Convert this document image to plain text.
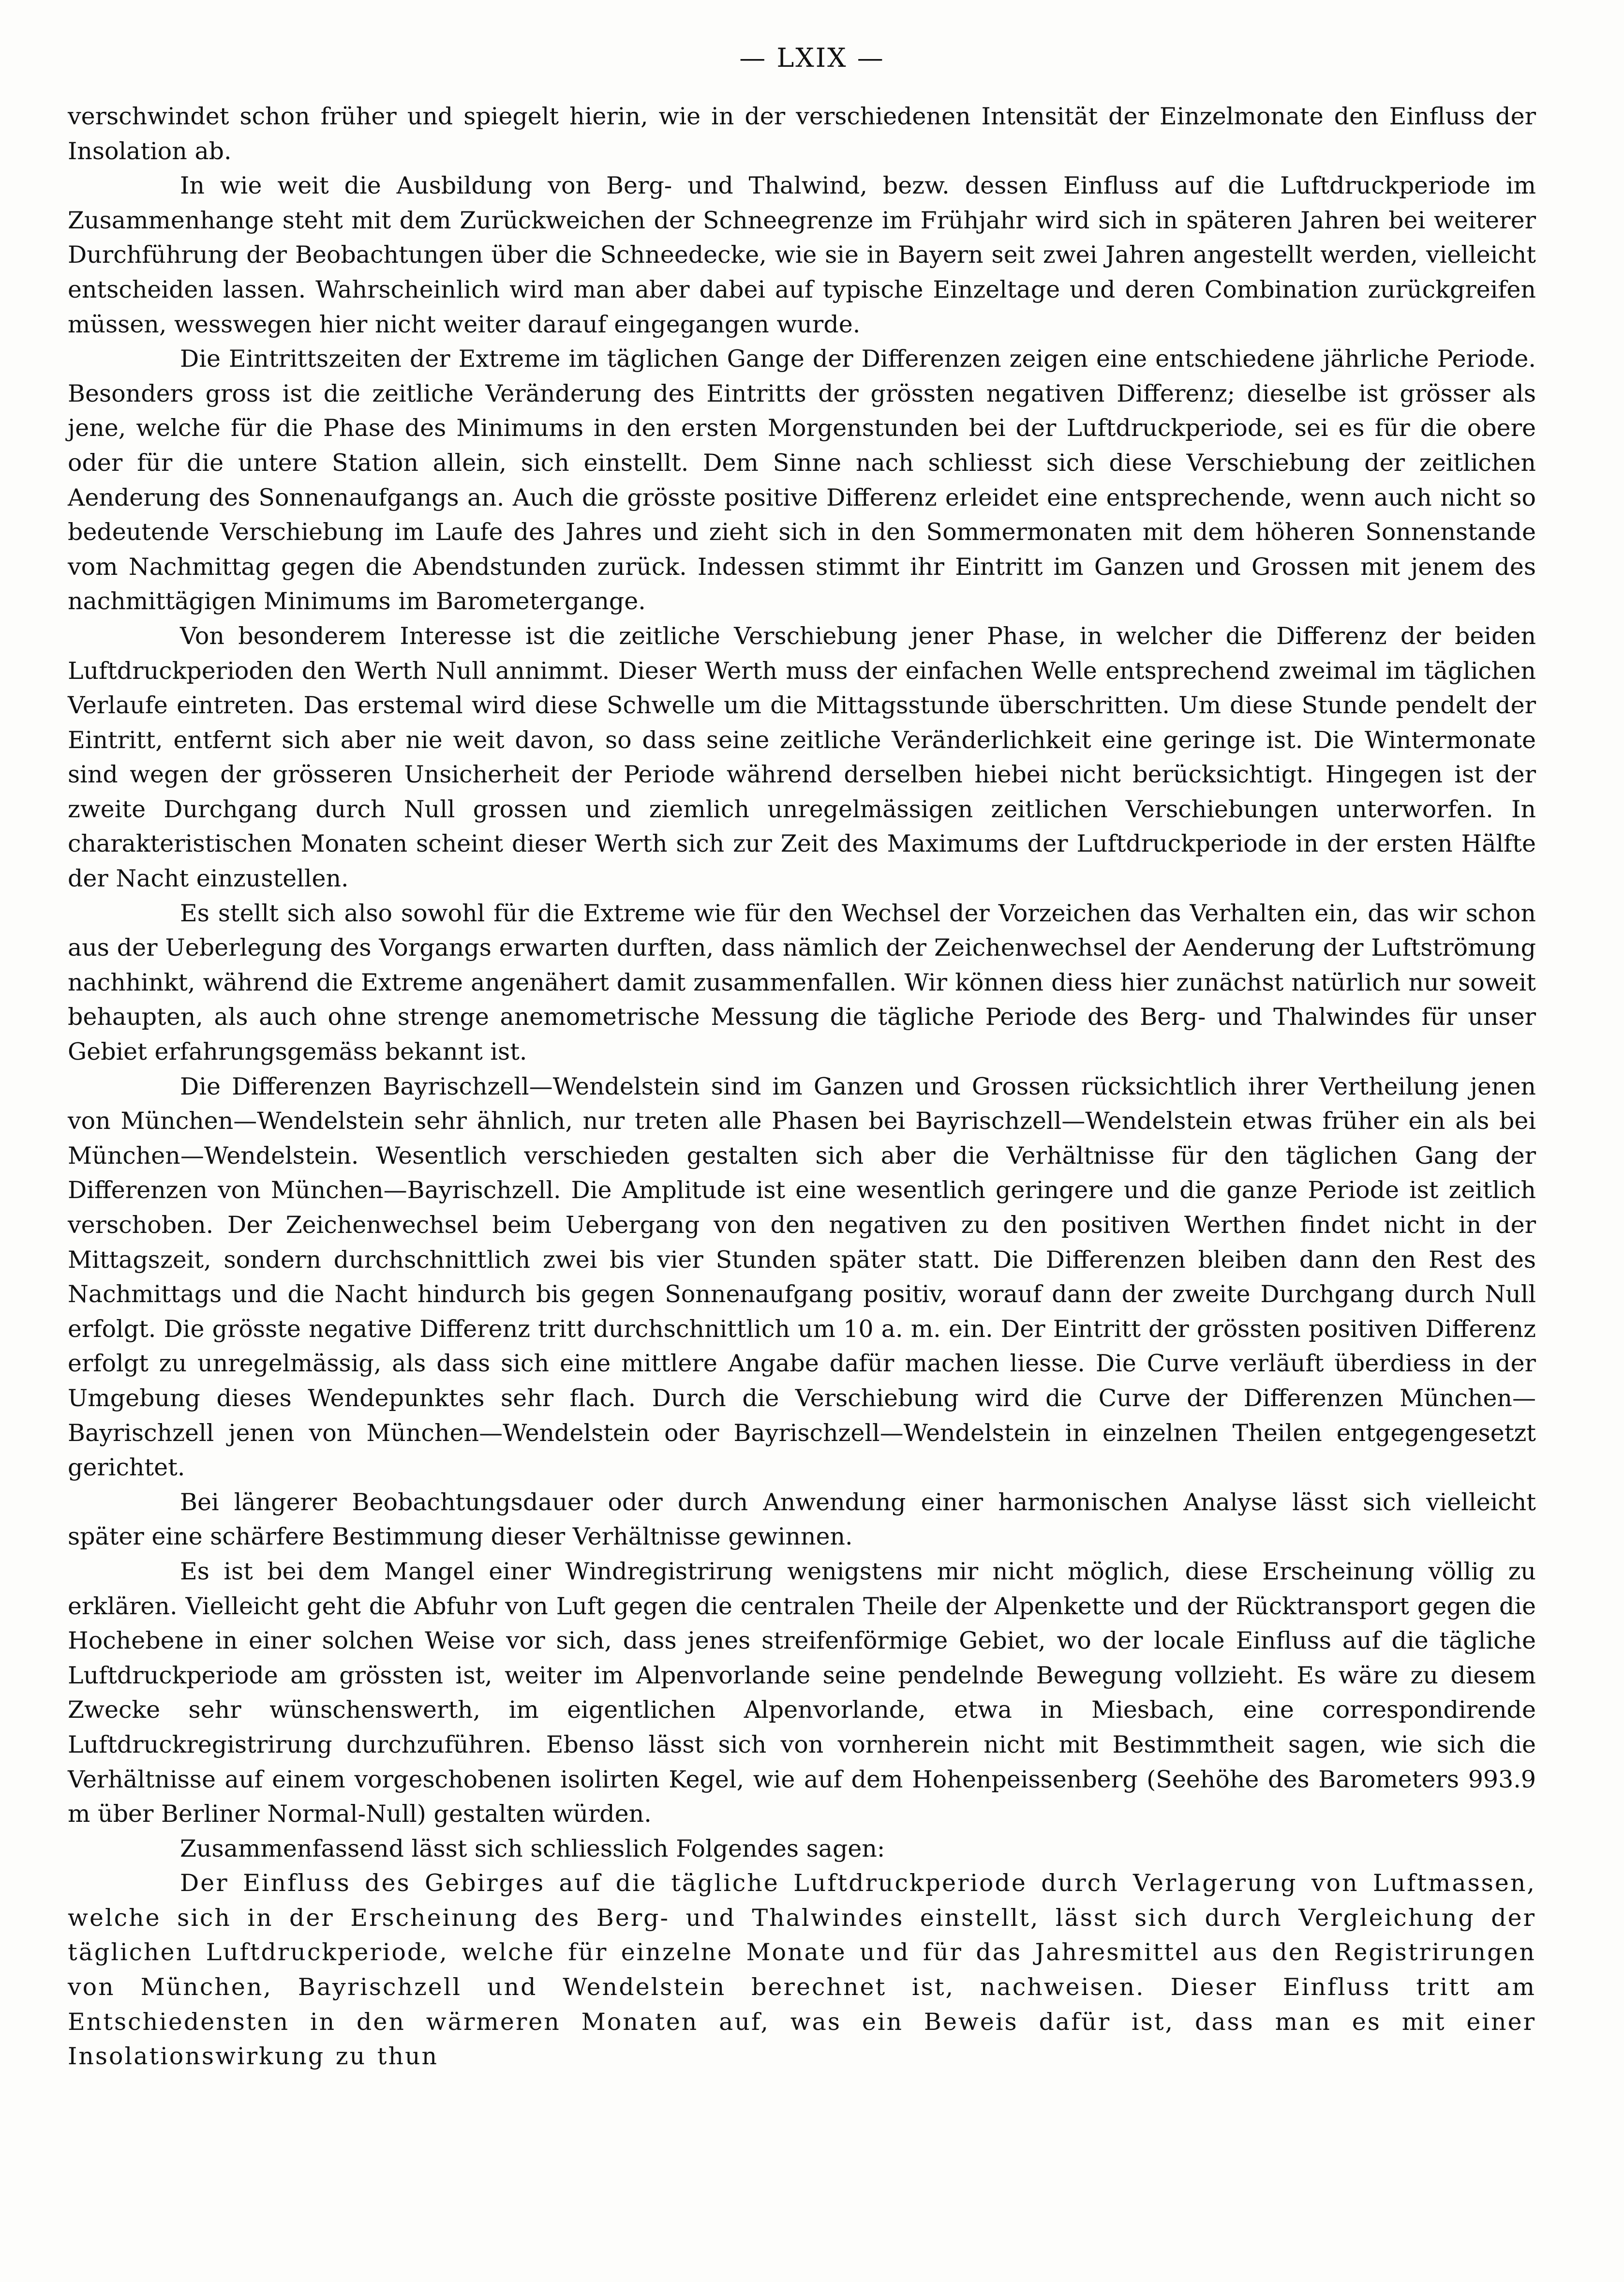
— LXIX —

verschwindet schon früher und spiegelt hierin, wie in der verschiedenen Intensität der Einzelmonate den Einfluss der Insolation ab.

In wie weit die Ausbildung von Berg- und Thalwind, bezw. dessen Einfluss auf die Luftdruckperiode im Zusammenhange steht mit dem Zurückweichen der Schneegrenze im Frühjahr wird sich in späteren Jahren bei weiterer Durchführung der Beobachtungen über die Schneedecke, wie sie in Bayern seit zwei Jahren angestellt werden, vielleicht entscheiden lassen. Wahrscheinlich wird man aber dabei auf typische Einzeltage und deren Combination zurückgreifen müssen, wesswegen hier nicht weiter darauf eingegangen wurde.

Die Eintrittszeiten der Extreme im täglichen Gange der Differenzen zeigen eine entschiedene jährliche Periode. Besonders gross ist die zeitliche Veränderung des Eintritts der grössten negativen Differenz; dieselbe ist grösser als jene, welche für die Phase des Minimums in den ersten Morgenstunden bei der Luftdruckperiode, sei es für die obere oder für die untere Station allein, sich einstellt. Dem Sinne nach schliesst sich diese Verschiebung der zeitlichen Aenderung des Sonnenaufgangs an. Auch die grösste positive Differenz erleidet eine entsprechende, wenn auch nicht so bedeutende Verschiebung im Laufe des Jahres und zieht sich in den Sommermonaten mit dem höheren Sonnenstande vom Nachmittag gegen die Abendstunden zurück. Indessen stimmt ihr Eintritt im Ganzen und Grossen mit jenem des nachmittägigen Minimums im Barometergange.

Von besonderem Interesse ist die zeitliche Verschiebung jener Phase, in welcher die Differenz der beiden Luftdruckperioden den Werth Null annimmt. Dieser Werth muss der einfachen Welle entsprechend zweimal im täglichen Verlaufe eintreten. Das erstemal wird diese Schwelle um die Mittagsstunde überschritten. Um diese Stunde pendelt der Eintritt, entfernt sich aber nie weit davon, so dass seine zeitliche Veränderlichkeit eine geringe ist. Die Wintermonate sind wegen der grösseren Unsicherheit der Periode während derselben hiebei nicht berücksichtigt. Hingegen ist der zweite Durchgang durch Null grossen und ziemlich unregelmässigen zeitlichen Verschiebungen unterworfen. In charakteristischen Monaten scheint dieser Werth sich zur Zeit des Maximums der Luftdruckperiode in der ersten Hälfte der Nacht einzustellen.

Es stellt sich also sowohl für die Extreme wie für den Wechsel der Vorzeichen das Verhalten ein, das wir schon aus der Ueberlegung des Vorgangs erwarten durften, dass nämlich der Zeichenwechsel der Aenderung der Luftströmung nachhinkt, während die Extreme angenähert damit zusammenfallen. Wir können diess hier zunächst natürlich nur soweit behaupten, als auch ohne strenge anemometrische Messung die tägliche Periode des Berg- und Thalwindes für unser Gebiet erfahrungsgemäss bekannt ist.

Die Differenzen Bayrischzell—Wendelstein sind im Ganzen und Grossen rücksichtlich ihrer Vertheilung jenen von München—Wendelstein sehr ähnlich, nur treten alle Phasen bei Bayrischzell—Wendelstein etwas früher ein als bei München—Wendelstein. Wesentlich verschieden gestalten sich aber die Verhältnisse für den täglichen Gang der Differenzen von München—Bayrischzell. Die Amplitude ist eine wesentlich geringere und die ganze Periode ist zeitlich verschoben. Der Zeichenwechsel beim Uebergang von den negativen zu den positiven Werthen findet nicht in der Mittagszeit, sondern durchschnittlich zwei bis vier Stunden später statt. Die Differenzen bleiben dann den Rest des Nachmittags und die Nacht hindurch bis gegen Sonnenaufgang positiv, worauf dann der zweite Durchgang durch Null erfolgt. Die grösste negative Differenz tritt durchschnittlich um 10 a. m. ein. Der Eintritt der grössten positiven Differenz erfolgt zu unregelmässig, als dass sich eine mittlere Angabe dafür machen liesse. Die Curve verläuft überdiess in der Umgebung dieses Wendepunktes sehr flach. Durch die Verschiebung wird die Curve der Differenzen München—Bayrischzell jenen von München—Wendelstein oder Bayrischzell—Wendelstein in einzelnen Theilen entgegengesetzt gerichtet.

Bei längerer Beobachtungsdauer oder durch Anwendung einer harmonischen Analyse lässt sich vielleicht später eine schärfere Bestimmung dieser Verhältnisse gewinnen.

Es ist bei dem Mangel einer Windregistrirung wenigstens mir nicht möglich, diese Erscheinung völlig zu erklären. Vielleicht geht die Abfuhr von Luft gegen die centralen Theile der Alpenkette und der Rücktransport gegen die Hochebene in einer solchen Weise vor sich, dass jenes streifenförmige Gebiet, wo der locale Einfluss auf die tägliche Luftdruckperiode am grössten ist, weiter im Alpenvorlande seine pendelnde Bewegung vollzieht. Es wäre zu diesem Zwecke sehr wünschenswerth, im eigentlichen Alpenvorlande, etwa in Miesbach, eine correspondirende Luftdruckregistrirung durchzuführen. Ebenso lässt sich von vornherein nicht mit Bestimmtheit sagen, wie sich die Verhältnisse auf einem vorgeschobenen isolirten Kegel, wie auf dem Hohenpeissenberg (Seehöhe des Barometers 993.9 m über Berliner Normal-Null) gestalten würden.

Zusammenfassend lässt sich schliesslich Folgendes sagen:

Der Einfluss des Gebirges auf die tägliche Luftdruckperiode durch Verlagerung von Luftmassen, welche sich in der Erscheinung des Berg- und Thalwindes einstellt, lässt sich durch Vergleichung der täglichen Luftdruckperiode, welche für einzelne Monate und für das Jahresmittel aus den Registrirungen von München, Bayrischzell und Wendelstein berechnet ist, nachweisen. Dieser Einfluss tritt am Entschiedensten in den wärmeren Monaten auf, was ein Beweis dafür ist, dass man es mit einer Insolationswirkung zu thun
